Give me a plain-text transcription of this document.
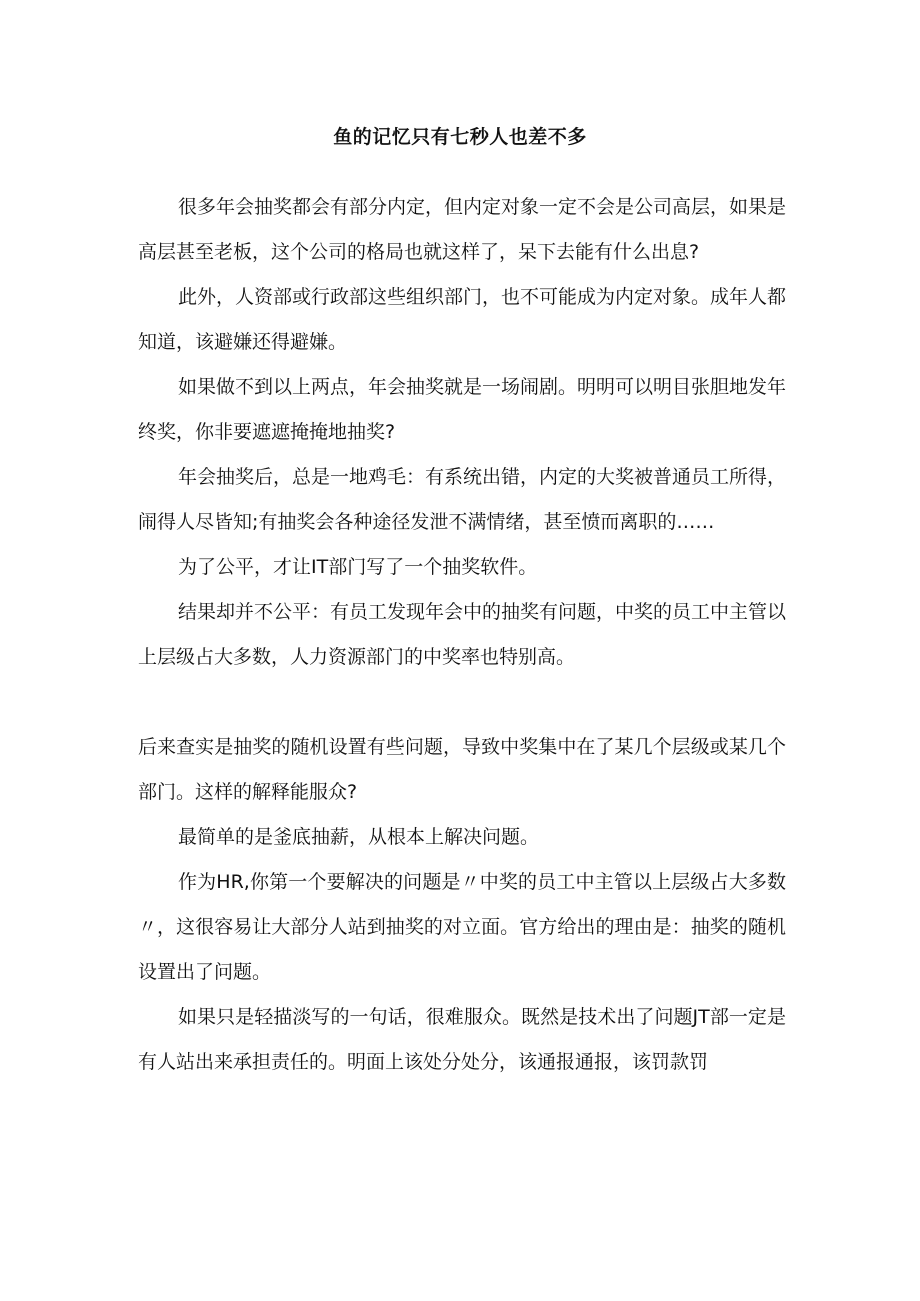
鱼的记忆只有七秒人也差不多

很多年会抽奖都会有部分内定，但内定对象一定不会是公司高层，如果是高层甚至老板，这个公司的格局也就这样了，呆下去能有什么出息?

此外，人资部或行政部这些组织部门，也不可能成为内定对象。成年人都知道，该避嫌还得避嫌。

如果做不到以上两点，年会抽奖就是一场闹剧。明明可以明目张胆地发年终奖，你非要遮遮掩掩地抽奖?

年会抽奖后，总是一地鸡毛：有系统出错，内定的大奖被普通员工所得，闹得人尽皆知;有抽奖会各种途径发泄不满情绪，甚至愤而离职的……

为了公平，才让IT部门写了一个抽奖软件。

结果却并不公平：有员工发现年会中的抽奖有问题，中奖的员工中主管以上层级占大多数，人力资源部门的中奖率也特别高。

后来查实是抽奖的随机设置有些问题，导致中奖集中在了某几个层级或某几个部门。这样的解释能服众?

最简单的是釜底抽薪，从根本上解决问题。

作为HR,你第一个要解决的问题是〃中奖的员工中主管以上层级占大多数〃，这很容易让大部分人站到抽奖的对立面。官方给出的理由是：抽奖的随机设置出了问题。

如果只是轻描淡写的一句话，很难服众。既然是技术出了问题JT部一定是有人站出来承担责任的。明面上该处分处分，该通报通报，该罚款罚
